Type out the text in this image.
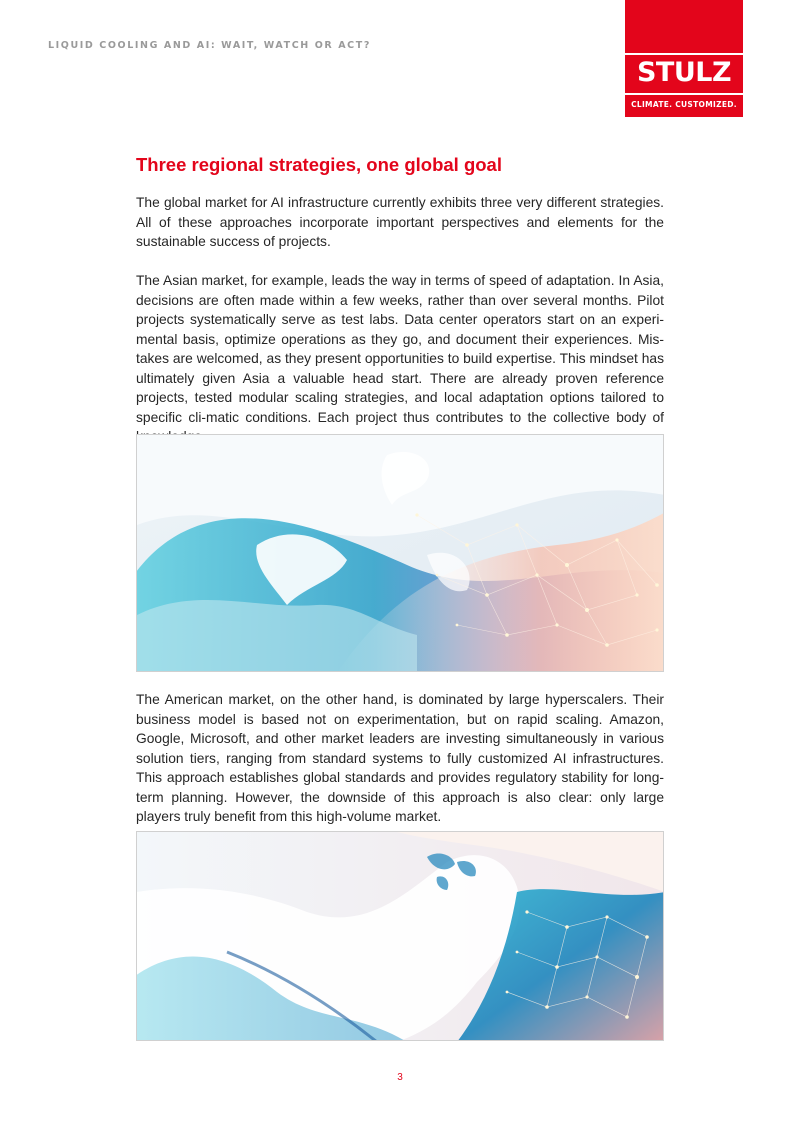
LIQUID COOLING AND AI: WAIT, WATCH OR ACT?
STULZ
CLIMATE. CUSTOMIZED.
Three regional strategies, one global goal

The global market for AI infrastructure currently exhibits three very different strategies. All of these approaches incorporate important perspectives and elements for the sustainable success of projects.

The Asian market, for example, leads the way in terms of speed of adaptation. In Asia, decisions are often made within a few weeks, rather than over several months. Pilot projects systematically serve as test labs. Data center operators start on an experi-mental basis, optimize operations as they go, and document their experiences. Mis-takes are welcomed, as they present opportunities to build expertise. This mindset has ultimately given Asia a valuable head start. There are already proven reference projects, tested modular scaling strategies, and local adaptation options tailored to specific cli-matic conditions. Each project thus contributes to the collective body of

The American market, on the other hand, is dominated by large hyperscalers. Their business model is based not on experimentation, but on rapid scaling. Amazon, Google, Microsoft, and other market leaders are investing simultaneously in various solution tiers, ranging from standard systems to fully customized AI infrastructures. This approach establishes global standards and provides regulatory stability for long-term planning. However, the downside of this approach is also clear: only large players truly benefit from this high-volume market.

3
